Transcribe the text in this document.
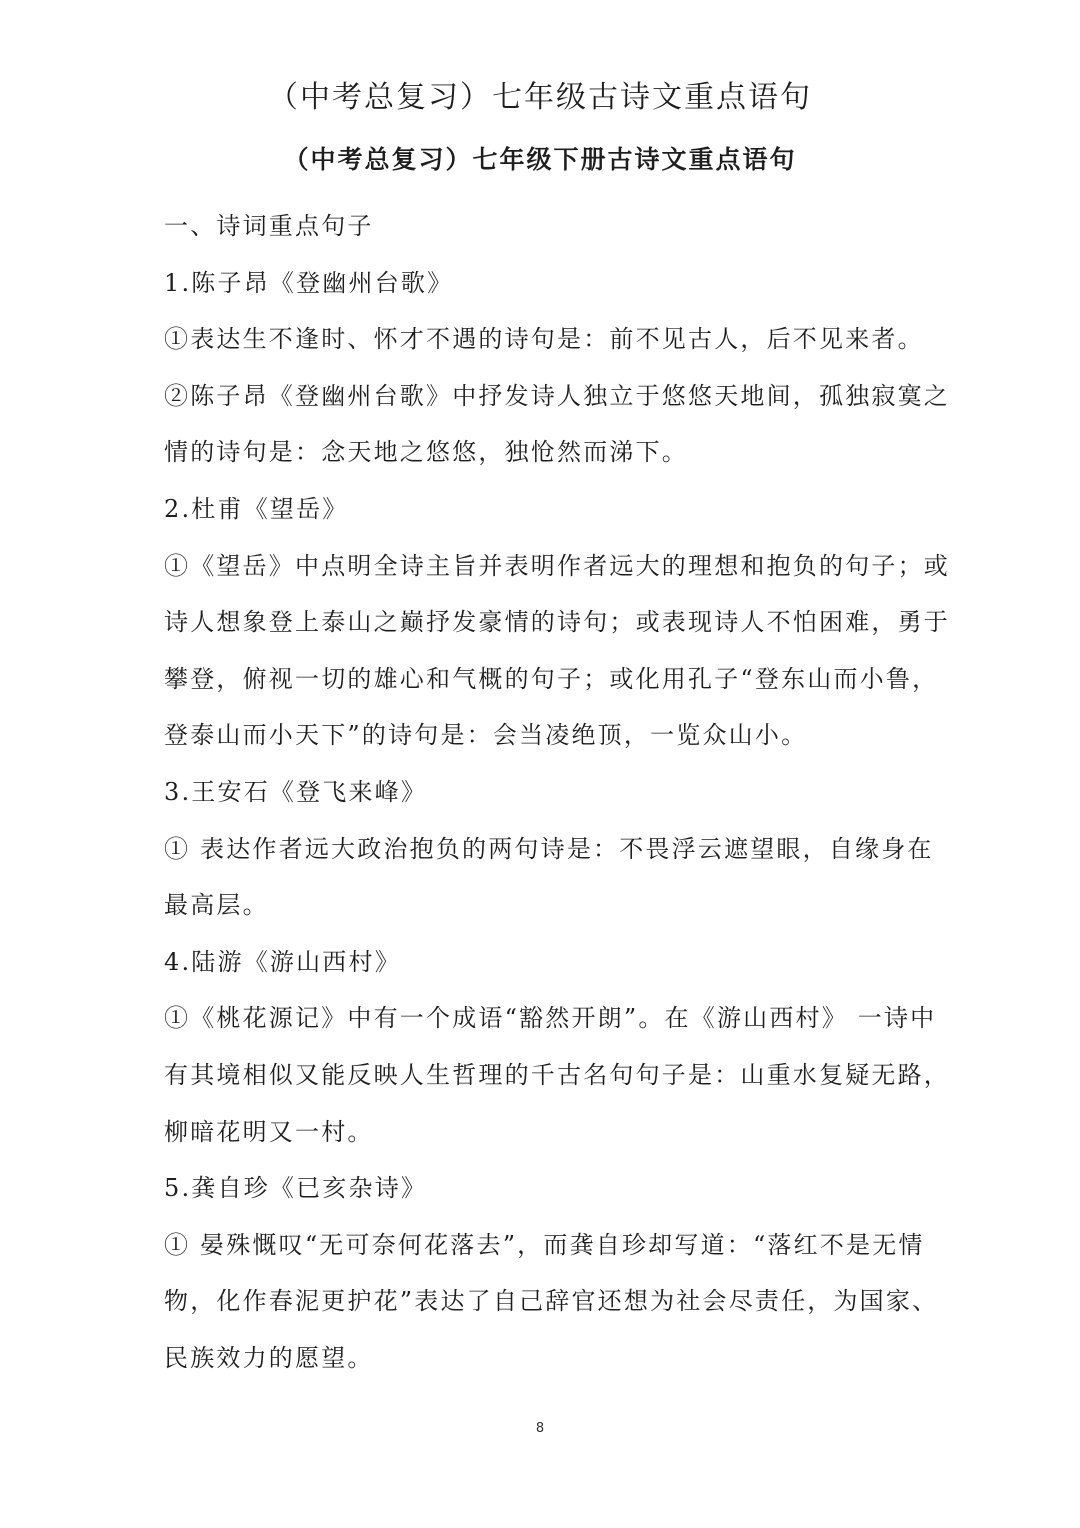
（中考总复习）七年级古诗文重点语句
（中考总复习）七年级下册古诗文重点语句
一、诗词重点句子
1.陈子昂《登幽州台歌》
①表达生不逢时、怀才不遇的诗句是：前不见古人，后不见来者。
②陈子昂《登幽州台歌》中抒发诗人独立于悠悠天地间，孤独寂寞之
情的诗句是：念天地之悠悠，独怆然而涕下。
2.杜甫《望岳》
①《望岳》中点明全诗主旨并表明作者远大的理想和抱负的句子；或
诗人想象登上泰山之巅抒发豪情的诗句；或表现诗人不怕困难，勇于
攀登，俯视一切的雄心和气概的句子；或化用孔子“登东山而小鲁，
登泰山而小天下”的诗句是：会当凌绝顶，一览众山小。
3.王安石《登飞来峰》
① 表达作者远大政治抱负的两句诗是：不畏浮云遮望眼，自缘身在
最高层。
4.陆游《游山西村》
①《桃花源记》中有一个成语“豁然开朗”。在《游山西村》 一诗中
有其境相似又能反映人生哲理的千古名句句子是：山重水复疑无路，
柳暗花明又一村。
5.龚自珍《已亥杂诗》
① 晏殊慨叹“无可奈何花落去”，而龚自珍却写道：“落红不是无情
物，化作春泥更护花”表达了自己辞官还想为社会尽责任，为国家、
民族效力的愿望。
8
